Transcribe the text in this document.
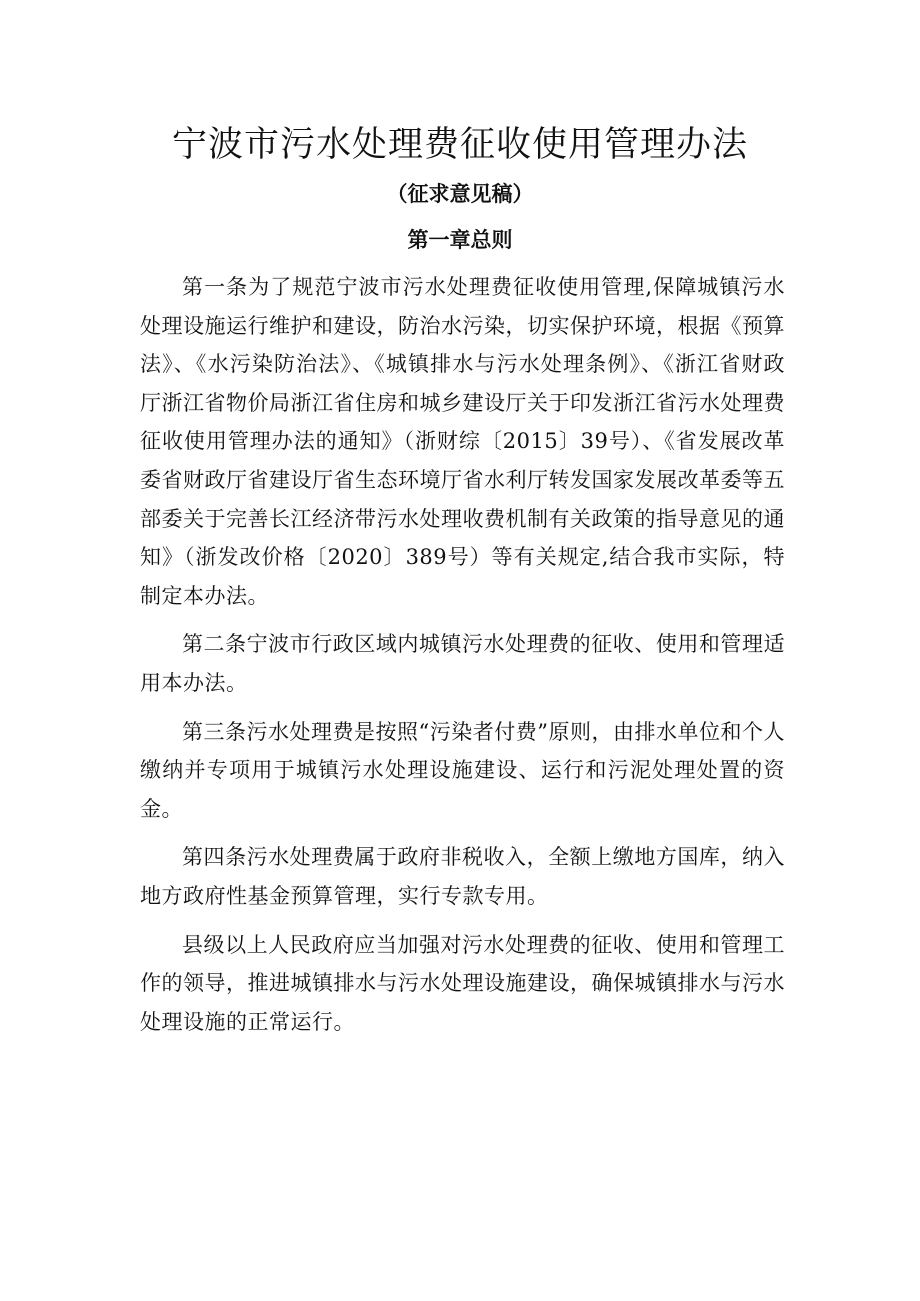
宁波市污水处理费征收使用管理办法
（征求意见稿）
第一章总则

第一条为了规范宁波市污水处理费征收使用管理,保障城镇污水处理设施运行维护和建设，防治水污染，切实保护环境，根据《预算法》、《水污染防治法》、《城镇排水与污水处理条例》、《浙江省财政厅浙江省物价局浙江省住房和城乡建设厅关于印发浙江省污水处理费征收使用管理办法的通知》（浙财综〔2015〕39号）、《省发展改革委省财政厅省建设厅省生态环境厅省水利厅转发国家发展改革委等五部委关于完善长江经济带污水处理收费机制有关政策的指导意见的通知》（浙发改价格〔2020〕389号）等有关规定,结合我市实际，特制定本办法。

第二条宁波市行政区域内城镇污水处理费的征收、使用和管理适用本办法。

第三条污水处理费是按照“污染者付费”原则，由排水单位和个人缴纳并专项用于城镇污水处理设施建设、运行和污泥处理处置的资金。

第四条污水处理费属于政府非税收入，全额上缴地方国库，纳入地方政府性基金预算管理，实行专款专用。

县级以上人民政府应当加强对污水处理费的征收、使用和管理工作的领导，推进城镇排水与污水处理设施建设，确保城镇排水与污水处理设施的正常运行。
